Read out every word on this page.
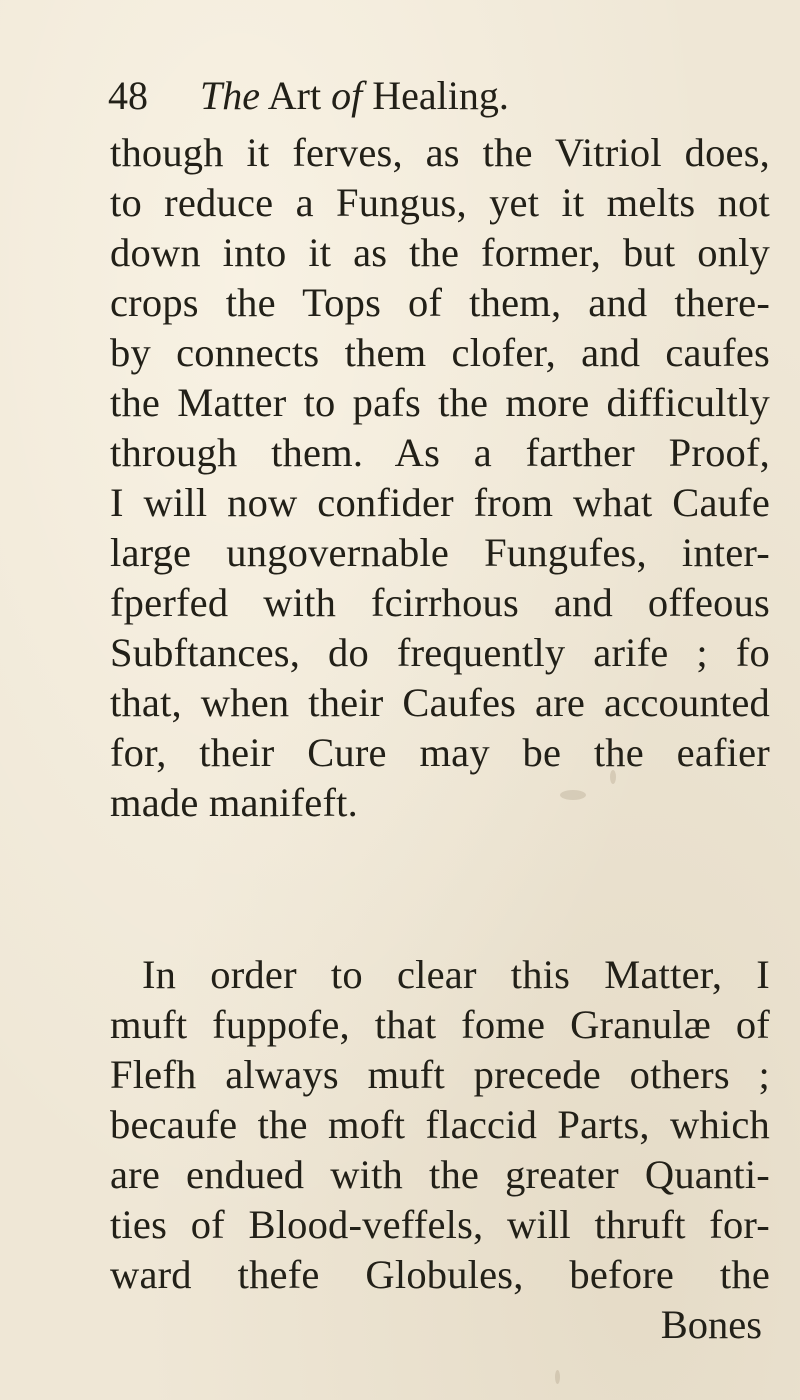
48 The Art of Healing.
though it ferves, as the Vitriol does,
to reduce a Fungus, yet it melts not
down into it as the former, but only
crops the Tops of them, and there-
by connects them clofer, and caufes
the Matter to pafs the more difficultly
through them. As a farther Proof,
I will now confider from what Caufe
large ungovernable Fungufes, inter-
fperfed with fcirrhous and offeous
Subftances, do frequently arife ; fo
that, when their Caufes are accounted
for, their Cure may be the eafier
made manifeft.
In order to clear this Matter, I
muft fuppofe, that fome Granulæ of
Flefh always muft precede others ;
becaufe the moft flaccid Parts, which
are endued with the greater Quanti-
ties of Blood-veffels, will thruft for-
ward thefe Globules, before the
Bones
